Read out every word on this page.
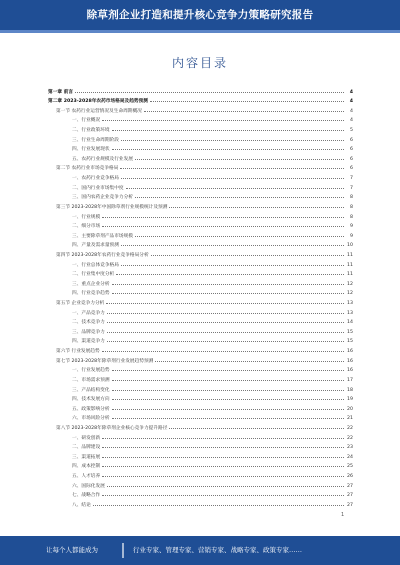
除草剂企业打造和提升核心竞争力策略研究报告
内容目录
第一章 前言	4
第二章 2023-2028年农药市场格局及趋势预测	4
第一节 农药行业运营情况及生命周期概况	4
一、行业概况	4
二、行业政策环境	5
三、行业生命周期阶段	6
四、行业发展现状	6
五、农药行业规模及行业发展	6
第二节 农药行业市场竞争格局	6
一、农药行业竞争格局	7
二、国内行业市场集中度	7
三、国内农药企业竞争力分析	8
第三节 2023-2028年中国除草剂行业规模统计及预测	8
一、行业规模	8
二、细分市场	9
三、主要除草剂产品市场规模	9
四、产量及需求量预测	10
第四节 2023-2028年农药行业竞争格局分析	11
一、行业总体竞争格局	11
二、行业集中度分析	11
三、重点企业分析	12
四、行业竞争趋势	12
第五节 企业竞争力分析	13
一、产品竞争力	13
二、技术竞争力	14
三、品牌竞争力	15
四、渠道竞争力	15
第六节 行业发展趋势	16
第七节 2023-2028年除草剂行业发展趋势预测	16
一、行业发展趋势	16
二、市场需求预测	17
三、产品结构变化	18
四、技术发展方向	19
五、政策影响分析	20
六、市场风险分析	21
第八节 2023-2028年除草剂企业核心竞争力提升路径	22
一、研发创新	22
二、品牌建设	23
三、渠道拓展	24
四、成本控制	25
五、人才培养	26
六、国际化发展	27
七、战略合作	27
八、结论	27
1
让每个人都能成为	行业专家、管理专家、营销专家、战略专家、政策专家……
